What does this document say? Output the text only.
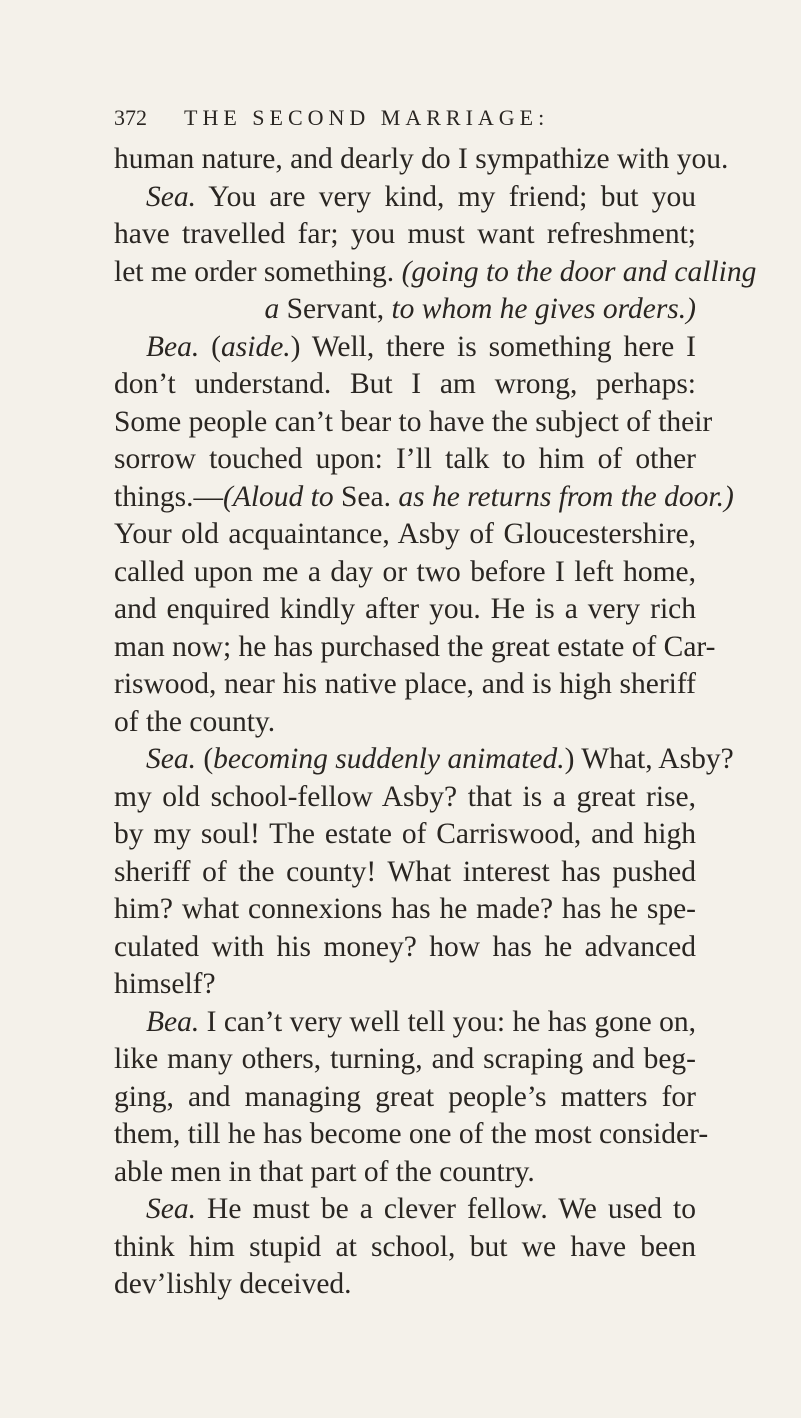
372 THE SECOND MARRIAGE:
human nature, and dearly do I sympathize with you.
Sea. You are very kind, my friend; but you
have travelled far; you must want refreshment;
let me order something. (going to the door and calling
a Servant, to whom he gives orders.)
Bea. (aside.) Well, there is something here I
don’t understand. But I am wrong, perhaps:
Some people can’t bear to have the subject of their
sorrow touched upon: I’ll talk to him of other
things.—(Aloud to Sea. as he returns from the door.)
Your old acquaintance, Asby of Gloucestershire,
called upon me a day or two before I left home,
and enquired kindly after you. He is a very rich
man now; he has purchased the great estate of Car-
riswood, near his native place, and is high sheriff
of the county.
Sea. (becoming suddenly animated.) What, Asby?
my old school-fellow Asby? that is a great rise,
by my soul! The estate of Carriswood, and high
sheriff of the county! What interest has pushed
him? what connexions has he made? has he spe-
culated with his money? how has he advanced
himself?
Bea. I can’t very well tell you: he has gone on,
like many others, turning, and scraping and beg-
ging, and managing great people’s matters for
them, till he has become one of the most consider-
able men in that part of the country.
Sea. He must be a clever fellow. We used to
think him stupid at school, but we have been
dev’lishly deceived.
